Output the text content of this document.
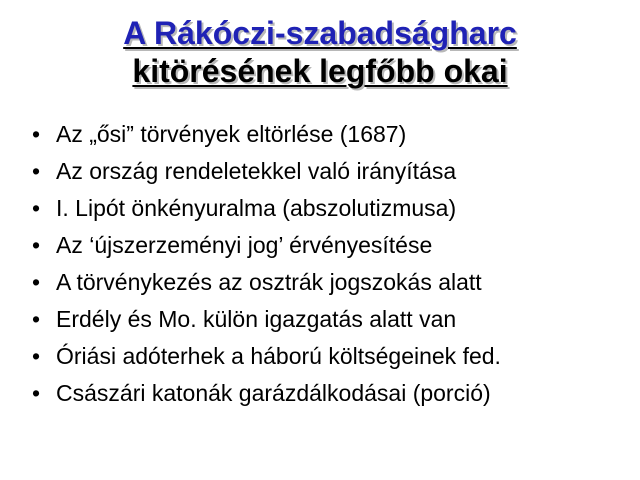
A Rákóczi-szabadságharc
kitörésének legfőbb okai
• Az „ősi” törvények eltörlése (1687)
• Az ország rendeletekkel való irányítása
• I. Lipót önkényuralma (abszolutizmusa)
• Az ‘újszerzeményi jog’ érvényesítése
• A törvénykezés az osztrák jogszokás alatt
• Erdély és Mo. külön igazgatás alatt van
• Óriási adóterhek a háború költségeinek fed.
• Császári katonák garázdálkodásai (porció)
